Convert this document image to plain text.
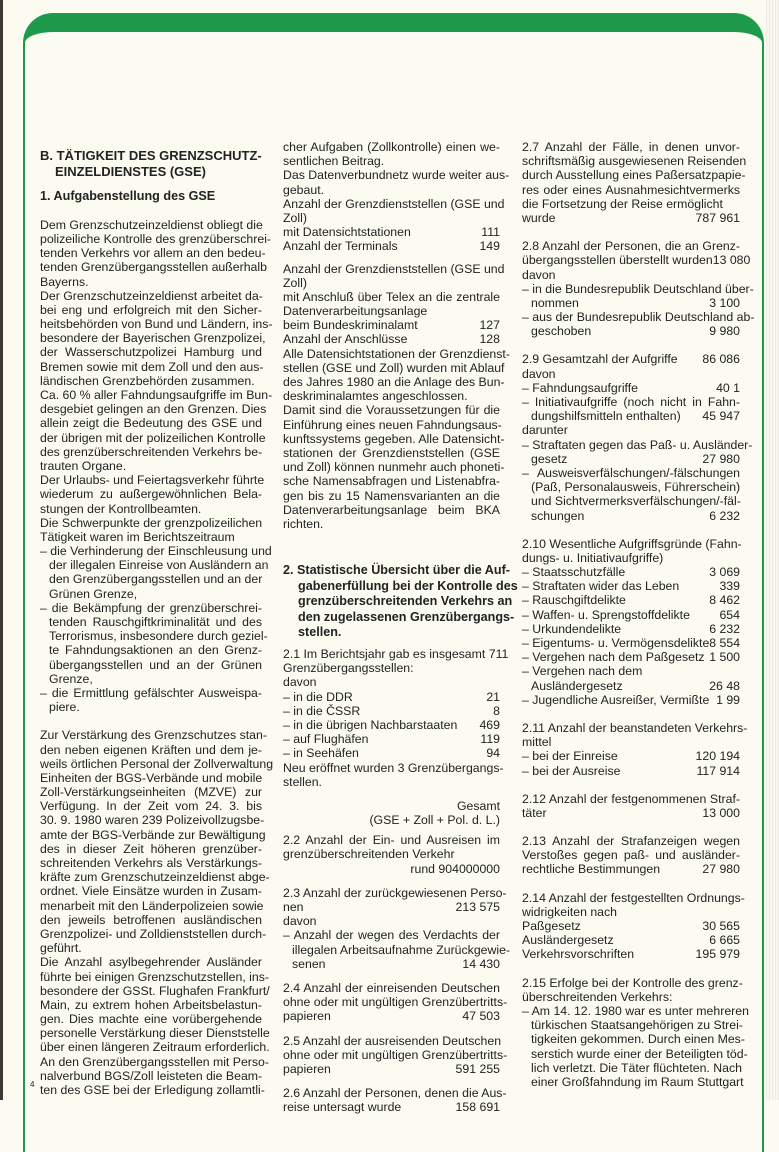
B. TÄTIGKEIT DES GRENZSCHUTZ-
EINZELDIENSTES (GSE)
1. Aufgabenstellung des GSE
Dem Grenzschutzeinzeldienst obliegt die
polizeiliche Kontrolle des grenzüberschrei-
tenden Verkehrs vor allem an den bedeu-
tenden Grenzübergangsstellen außerhalb
Bayerns.
Der Grenzschutzeinzeldienst arbeitet da-
bei eng und erfolgreich mit den Sicher-
heitsbehörden von Bund und Ländern, ins-
besondere der Bayerischen Grenzpolizei,
der Wasserschutzpolizei Hamburg und
Bremen sowie mit dem Zoll und den aus-
ländischen Grenzbehörden zusammen.
Ca. 60 % aller Fahndungsaufgriffe im Bun-
desgebiet gelingen an den Grenzen. Dies
allein zeigt die Bedeutung des GSE und
der übrigen mit der polizeilichen Kontrolle
des grenzüberschreitenden Verkehrs be-
trauten Organe.
Der Urlaubs- und Feiertagsverkehr führte
wiederum zu außergewöhnlichen Bela-
stungen der Kontrollbeamten.
Die Schwerpunkte der grenzpolizeilichen
Tätigkeit waren im Berichtszeitraum
– die Verhinderung der Einschleusung und
der illegalen Einreise von Ausländern an
den Grenzübergangsstellen und an der
Grünen Grenze,
– die Bekämpfung der grenzüberschrei-
tenden Rauschgiftkriminalität und des
Terrorismus, insbesondere durch geziel-
te Fahndungsaktionen an den Grenz-
übergangsstellen und an der Grünen
Grenze,
– die Ermittlung gefälschter Ausweispa-
piere.
Zur Verstärkung des Grenzschutzes stan-
den neben eigenen Kräften und dem je-
weils örtlichen Personal der Zollverwaltung
Einheiten der BGS-Verbände und mobile
Zoll-Verstärkungseinheiten (MZVE) zur
Verfügung. In der Zeit vom 24. 3. bis
30. 9. 1980 waren 239 Polizeivollzugsbe-
amte der BGS-Verbände zur Bewältigung
des in dieser Zeit höheren grenzüber-
schreitenden Verkehrs als Verstärkungs-
kräfte zum Grenzschutzeinzeldienst abge-
ordnet. Viele Einsätze wurden in Zusam-
menarbeit mit den Länderpolizeien sowie
den jeweils betroffenen ausländischen
Grenzpolizei- und Zolldienststellen durch-
geführt.
Die Anzahl asylbegehrender Ausländer
führte bei einigen Grenzschutzstellen, ins-
besondere der GSSt. Flughafen Frankfurt/
Main, zu extrem hohen Arbeitsbelastun-
gen. Dies machte eine vorübergehende
personelle Verstärkung dieser Dienststelle
über einen längeren Zeitraum erforderlich.
An den Grenzübergangsstellen mit Perso-
nalverbund BGS/Zoll leisteten die Beam-
ten des GSE bei der Erledigung zollamtli-
cher Aufgaben (Zollkontrolle) einen we-
sentlichen Beitrag.
Das Datenverbundnetz wurde weiter aus-
gebaut.
Anzahl der Grenzdienststellen (GSE und
Zoll)
mit Datensichtstationen	111
Anzahl der Terminals	149
Anzahl der Grenzdienststellen (GSE und
Zoll)
mit Anschluß über Telex an die zentrale
Datenverarbeitungsanlage
beim Bundeskriminalamt	127
Anzahl der Anschlüsse	128
Alle Datensichtstationen der Grenzdienst-
stellen (GSE und Zoll) wurden mit Ablauf
des Jahres 1980 an die Anlage des Bun-
deskriminalamtes angeschlossen.
Damit sind die Voraussetzungen für die
Einführung eines neuen Fahndungsaus-
kunftssystems gegeben. Alle Datensicht-
stationen der Grenzdienststellen (GSE
und Zoll) können nunmehr auch phoneti-
sche Namensabfragen und Listenabfra-
gen bis zu 15 Namensvarianten an die
Datenverarbeitungsanlage beim BKA
richten.
2. Statistische Übersicht über die Auf-
gabenerfüllung bei der Kontrolle des
grenzüberschreitenden Verkehrs an
den zugelassenen Grenzübergangs-
stellen.
2.1 Im Berichtsjahr gab es insgesamt 711
Grenzübergangsstellen:
davon
– in die DDR	21
– in die ČSSR	8
– in die übrigen Nachbarstaaten 469
– auf Flughäfen	119
– in Seehäfen	94
Neu eröffnet wurden 3 Grenzübergangs-
stellen.
Gesamt
(GSE + Zoll + Pol. d. L.)
2.2 Anzahl der Ein- und Ausreisen im
grenzüberschreitenden Verkehr
rund 904000000
2.3 Anzahl der zurückgewiesenen Perso-
nen	213 575
davon
– Anzahl der wegen des Verdachts der
illegalen Arbeitsaufnahme Zurückgewie-
senen	14 430
2.4 Anzahl der einreisenden Deutschen
ohne oder mit ungültigen Grenzübertritts-
papieren	47 503
2.5 Anzahl der ausreisenden Deutschen
ohne oder mit ungültigen Grenzübertritts-
papieren	591 255
2.6 Anzahl der Personen, denen die Aus-
reise untersagt wurde	158 691
2.7 Anzahl der Fälle, in denen unvor-
schriftsmäßig ausgewiesenen Reisenden
durch Ausstellung eines Paßersatzpapie-
res oder eines Ausnahmesichtvermerks
die Fortsetzung der Reise ermöglicht
wurde	787 961
2.8 Anzahl der Personen, die an Grenz-
übergangsstellen überstellt wurden 13 080
davon
– in die Bundesrepublik Deutschland über-
nommen	3 100
– aus der Bundesrepublik Deutschland ab-
geschoben	9 980
2.9 Gesamtzahl der Aufgriffe 86 086
davon
– Fahndungsaufgriffe	40 1
– Initiativaufgriffe (noch nicht in Fahn-
dungshilfsmitteln enthalten) 45 947
darunter
– Straftaten gegen das Paß- u. Ausländer-
gesetz	27 980
– Ausweisverfälschungen/-fälschungen
(Paß, Personalausweis, Führerschein)
und Sichtvermerksverfälschungen/-fäl-
schungen	6 232
2.10 Wesentliche Aufgriffsgründe (Fahn-
dungs- u. Initiativaufgriffe)
– Staatsschutzfälle	3 069
– Straftaten wider das Leben	339
– Rauschgiftdelikte	8 462
– Waffen- u. Sprengstoffdelikte 654
– Urkundendelikte	6 232
– Eigentums- u. Vermögensdelikte 8 554
– Vergehen nach dem Paßgesetz 1 500
– Vergehen nach dem
Ausländergesetz	26 48
– Jugendliche Ausreißer, Vermißte 1 99
2.11 Anzahl der beanstandeten Verkehrs-
mittel
– bei der Einreise	120 194
– bei der Ausreise	117 914
2.12 Anzahl der festgenommenen Straf-
täter	13 000
2.13 Anzahl der Strafanzeigen wegen
Verstoßes gegen paß- und ausländer-
rechtliche Bestimmungen	27 980
2.14 Anzahl der festgestellten Ordnungs-
widrigkeiten nach
Paßgesetz	30 565
Ausländergesetz	6 665
Verkehrsvorschriften	195 979
2.15 Erfolge bei der Kontrolle des grenz-
überschreitenden Verkehrs:
– Am 14. 12. 1980 war es unter mehreren
türkischen Staatsangehörigen zu Strei-
tigkeiten gekommen. Durch einen Mes-
serstich wurde einer der Beteiligten töd-
lich verletzt. Die Täter flüchteten. Nach
einer Großfahndung im Raum Stuttgart
4
